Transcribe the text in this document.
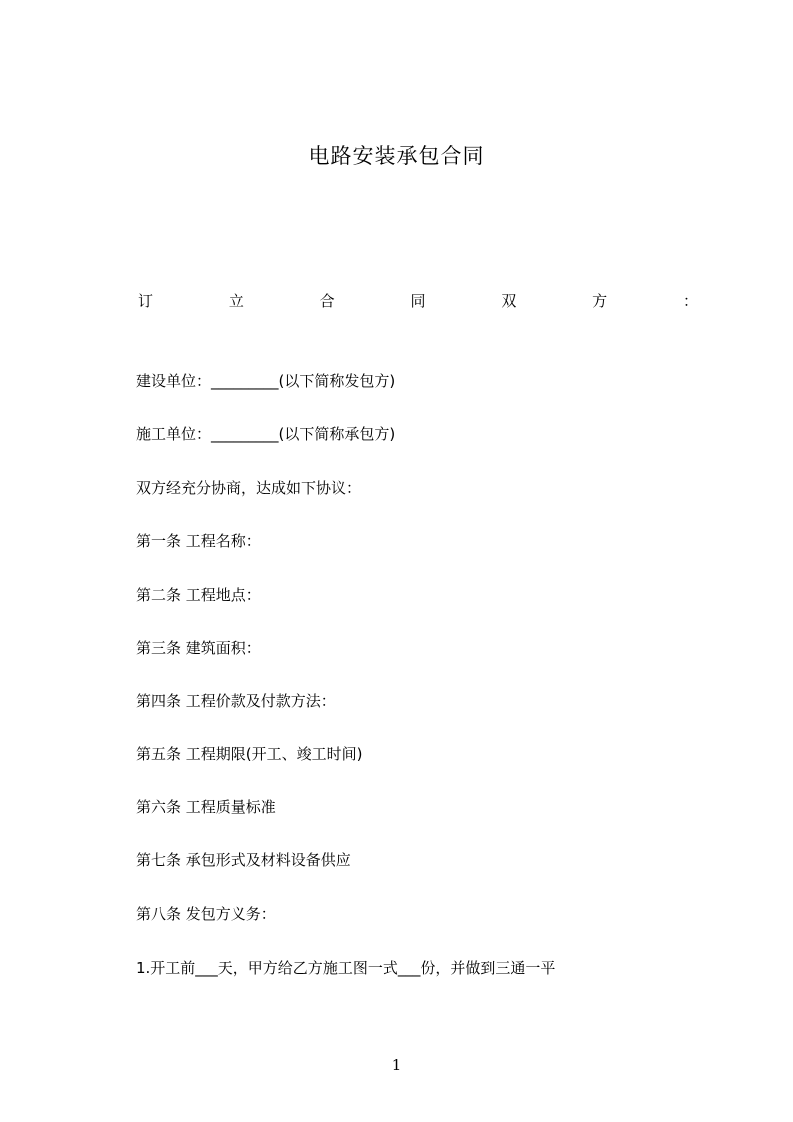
电路安装承包合同
订	立	合	同	双	方	：
建设单位：_________(以下简称发包方)
施工单位：_________(以下简称承包方)
双方经充分协商，达成如下协议：
第一条 工程名称：
第二条 工程地点：
第三条 建筑面积：
第四条 工程价款及付款方法：
第五条 工程期限(开工、竣工时间)
第六条 工程质量标准
第七条 承包形式及材料设备供应
第八条 发包方义务：
1.开工前___天，甲方给乙方施工图一式___份，并做到三通一平
1
